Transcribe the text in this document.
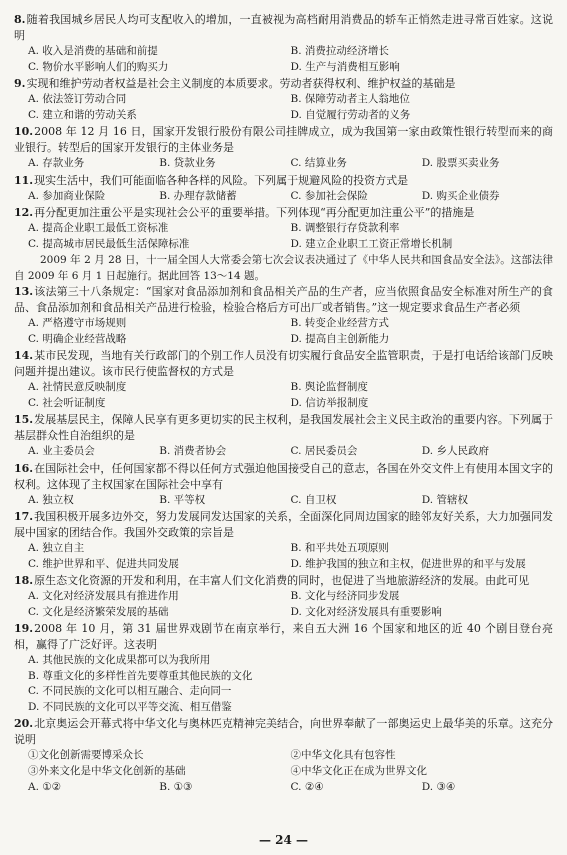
8.随着我国城乡居民人均可支配收入的增加，一直被视为高档耐用消费品的轿车正悄然走进寻常百姓家。这说明
A. 收入是消费的基础和前提	B. 消费拉动经济增长
C. 物价水平影响人们的购买力	D. 生产与消费相互影响
9.实现和维护劳动者权益是社会主义制度的本质要求。劳动者获得权利、维护权益的基础是
A. 依法签订劳动合同	B. 保障劳动者主人翁地位
C. 建立和谐的劳动关系	D. 自觉履行劳动者的义务
10.2008 年 12 月 16 日，国家开发银行股份有限公司挂牌成立，成为我国第一家由政策性银行转型而来的商业银行。转型后的国家开发银行的主体业务是
A. 存款业务	B. 贷款业务	C. 结算业务	D. 股票买卖业务
11.现实生活中，我们可能面临各种各样的风险。下列属于规避风险的投资方式是
A. 参加商业保险	B. 办理存款储蓄	C. 参加社会保险	D. 购买企业债券
12.再分配更加注重公平是实现社会公平的重要举措。下列体现“再分配更加注重公平”的措施是
A. 提高企业职工最低工资标准	B. 调整银行存贷款利率
C. 提高城市居民最低生活保障标准	D. 建立企业职工工资正常增长机制
2009 年 2 月 28 日，十一届全国人大常委会第七次会议表决通过了《中华人民共和国食品安全法》。这部法律自 2009 年 6 月 1 日起施行。据此回答 13～14 题。
13.该法第三十八条规定：“国家对食品添加剂和食品相关产品的生产者，应当依照食品安全标准对所生产的食品、食品添加剂和食品相关产品进行检验，检验合格后方可出厂或者销售。”这一规定要求食品生产者必须
A. 严格遵守市场规则	B. 转变企业经营方式
C. 明确企业经营战略	D. 提高自主创新能力
14.某市民发现，当地有关行政部门的个别工作人员没有切实履行食品安全监管职责，于是打电话给该部门反映问题并提出建议。该市民行使监督权的方式是
A. 社情民意反映制度	B. 舆论监督制度
C. 社会听证制度	D. 信访举报制度
15.发展基层民主，保障人民享有更多更切实的民主权利，是我国发展社会主义民主政治的重要内容。下列属于基层群众性自治组织的是
A. 业主委员会	B. 消费者协会	C. 居民委员会	D. 乡人民政府
16.在国际社会中，任何国家都不得以任何方式强迫他国接受自己的意志，各国在外交文件上有使用本国文字的权利。这体现了主权国家在国际社会中享有
A. 独立权	B. 平等权	C. 自卫权	D. 管辖权
17.我国积极开展多边外交，努力发展同发达国家的关系，全面深化同周边国家的睦邻友好关系，大力加强同发展中国家的团结合作。我国外交政策的宗旨是
A. 独立自主	B. 和平共处五项原则
C. 维护世界和平、促进共同发展	D. 维护我国的独立和主权，促进世界的和平与发展
18.原生态文化资源的开发和利用，在丰富人们文化消费的同时，也促进了当地旅游经济的发展。由此可见
A. 文化对经济发展具有推进作用	B. 文化与经济同步发展
C. 文化是经济繁荣发展的基础	D. 文化对经济发展具有重要影响
19.2008 年 10 月，第 31 届世界戏剧节在南京举行，来自五大洲 16 个国家和地区的近 40 个剧目登台亮相，赢得了广泛好评。这表明
A. 其他民族的文化成果都可以为我所用
B. 尊重文化的多样性首先要尊重其他民族的文化
C. 不同民族的文化可以相互融合、走向同一
D. 不同民族的文化可以平等交流、相互借鉴
20.北京奥运会开幕式将中华文化与奥林匹克精神完美结合，向世界奉献了一部奥运史上最华美的乐章。这充分说明
①文化创新需要博采众长	②中华文化具有包容性
③外来文化是中华文化创新的基础	④中华文化正在成为世界文化
A. ①②	B. ①③	C. ②④	D. ③④
— 24 —
